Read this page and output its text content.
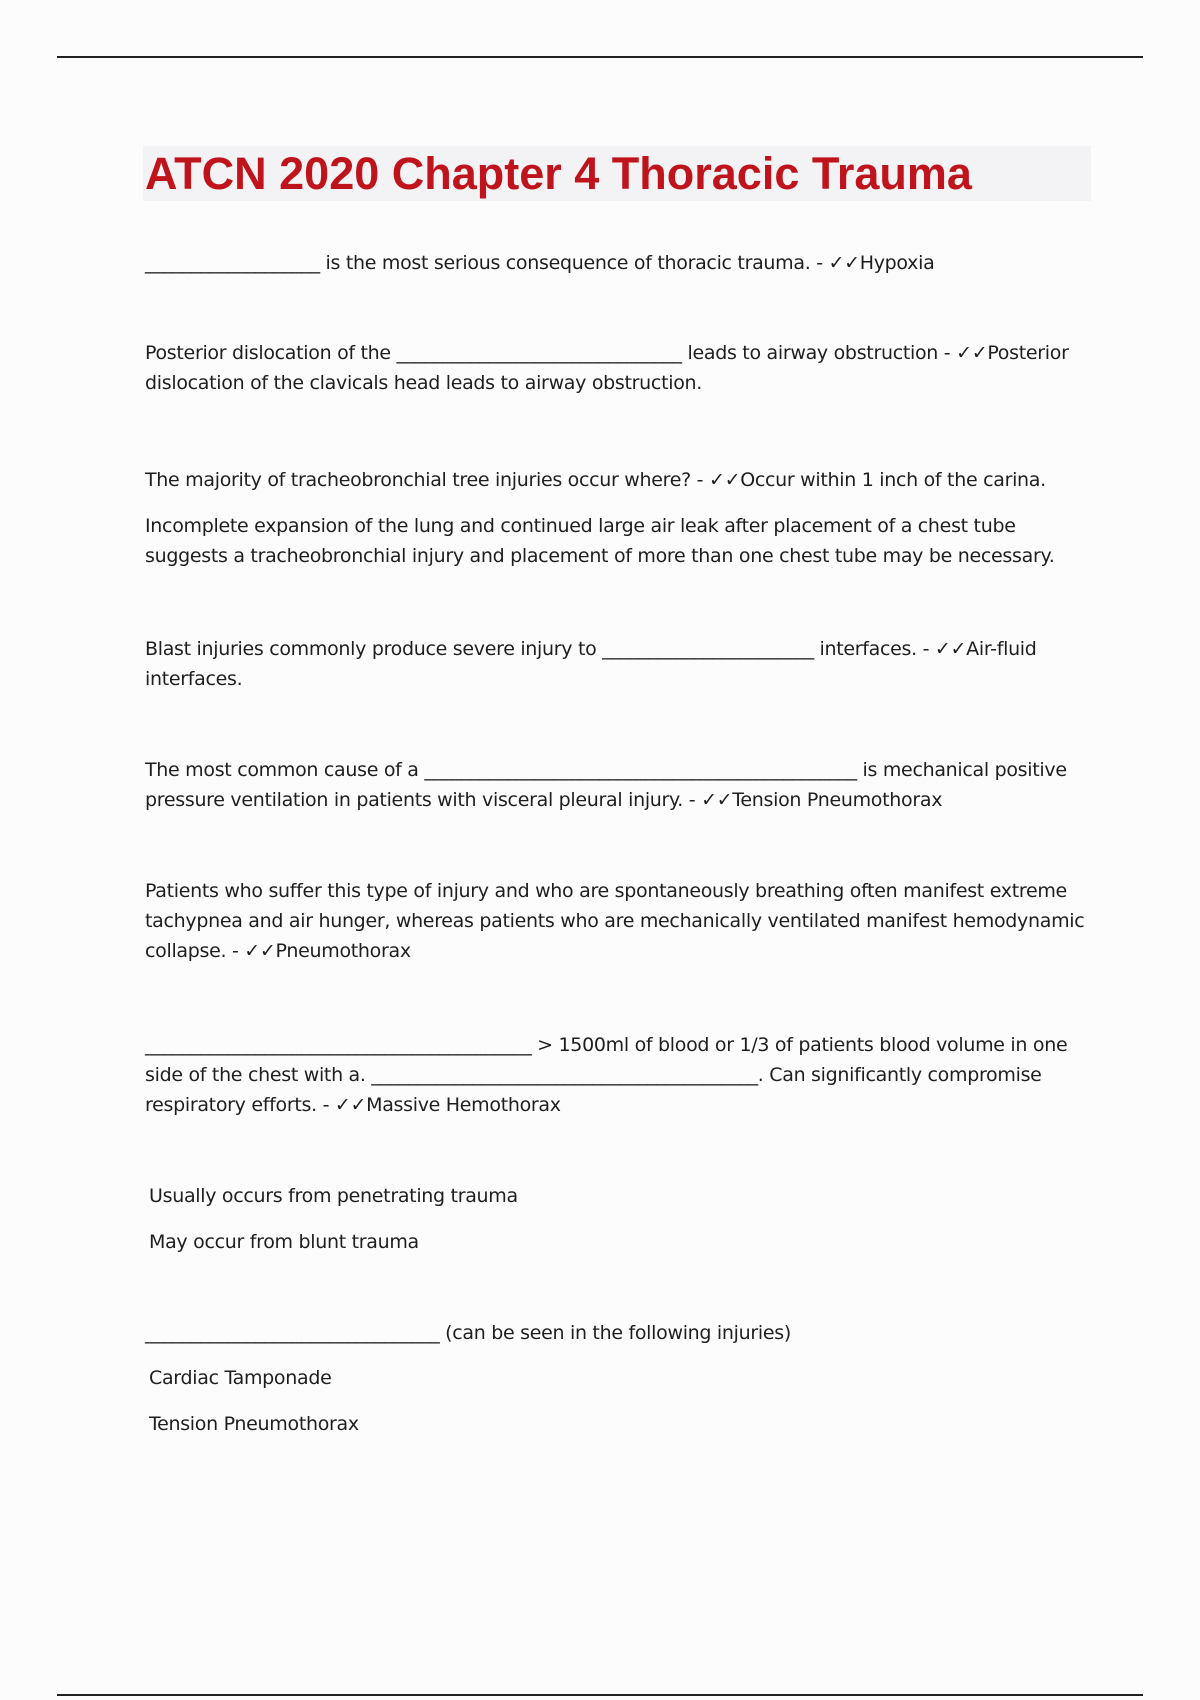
ATCN 2020 Chapter 4 Thoracic Trauma

___________________ is the most serious consequence of thoracic trauma. - ✓✓Hypoxia

Posterior dislocation of the _______________________________ leads to airway obstruction - ✓✓Posterior dislocation of the clavicals head leads to airway obstruction.

The majority of tracheobronchial tree injuries occur where? - ✓✓Occur within 1 inch of the carina.

Incomplete expansion of the lung and continued large air leak after placement of a chest tube suggests a tracheobronchial injury and placement of more than one chest tube may be necessary.

Blast injuries commonly produce severe injury to _______________________ interfaces. - ✓✓Air-fluid interfaces.

The most common cause of a _______________________________________________ is mechanical positive pressure ventilation in patients with visceral pleural injury. - ✓✓Tension Pneumothorax

Patients who suffer this type of injury and who are spontaneously breathing often manifest extreme tachypnea and air hunger, whereas patients who are mechanically ventilated manifest hemodynamic collapse. - ✓✓Pneumothorax

__________________________________________ > 1500ml of blood or 1/3 of patients blood volume in one side of the chest with a. __________________________________________. Can significantly compromise respiratory efforts. - ✓✓Massive Hemothorax

Usually occurs from penetrating trauma

May occur from blunt trauma

________________________________ (can be seen in the following injuries)

Cardiac Tamponade

Tension Pneumothorax
